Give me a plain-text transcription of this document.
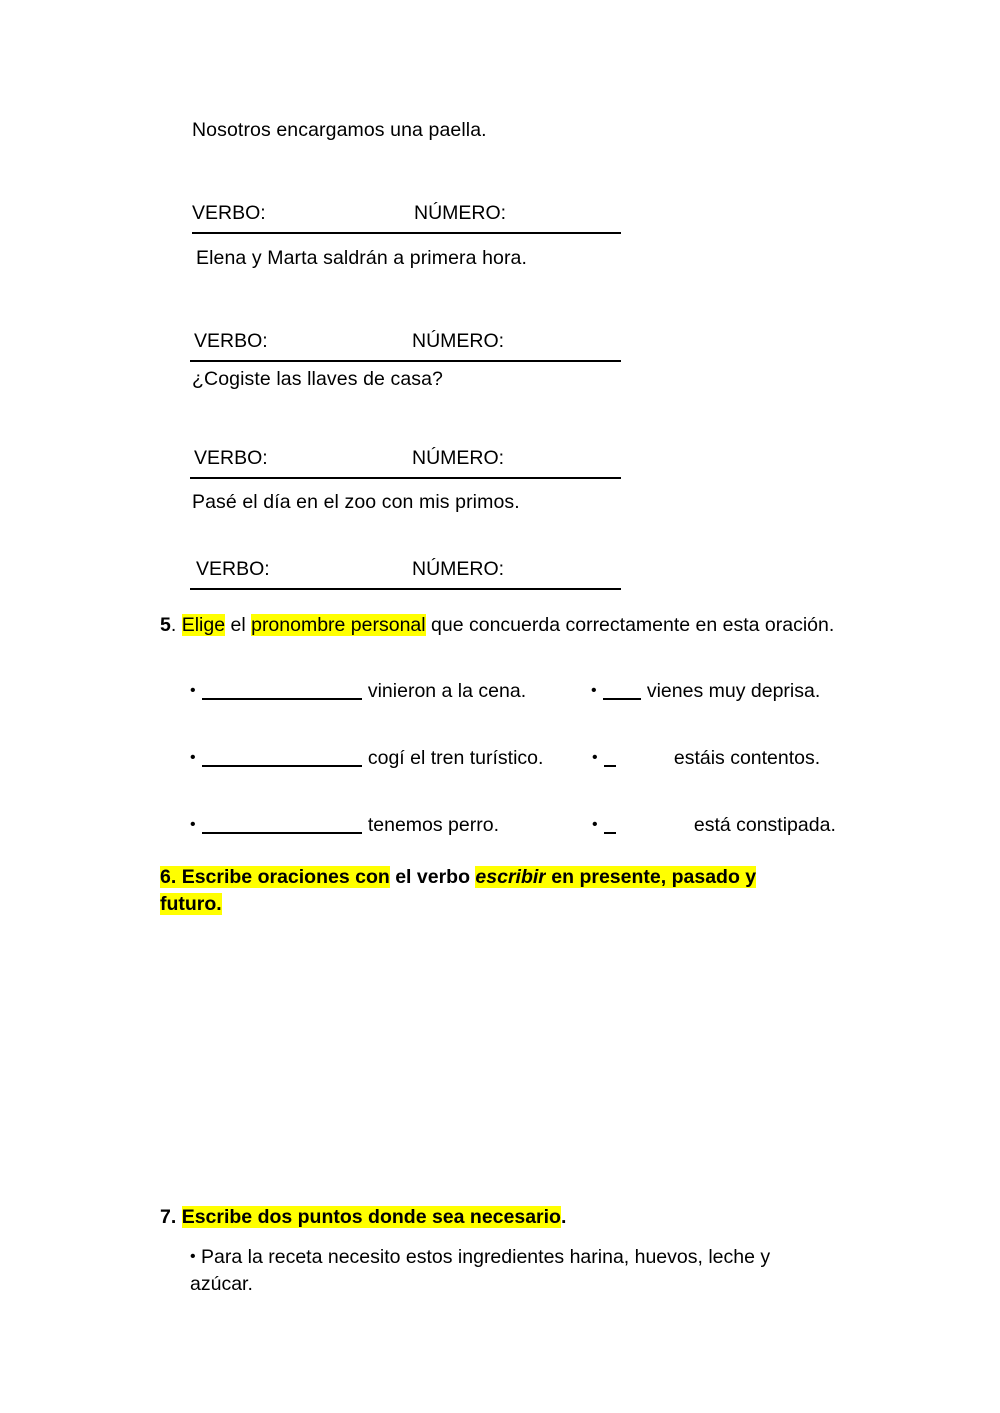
Nosotros encargamos una paella.
VERBO:	NÚMERO:
Elena y Marta saldrán a primera hora.
VERBO:	NÚMERO:
¿Cogiste las llaves de casa?
VERBO:	NÚMERO:
Pasé el día en el zoo con mis primos.
VERBO:	NÚMERO:
5. Elige el pronombre personal que concuerda correctamente en esta oración.
•	vinieron a la cena.	•	vienes muy deprisa.
•	cogí el tren turístico.	•	estáis contentos.
•	tenemos perro.	•	está constipada.
6. Escribe oraciones con el verbo escribir en presente, pasado y futuro.
7. Escribe dos puntos donde sea necesario.
• Para la receta necesito estos ingredientes harina, huevos, leche y azúcar.
